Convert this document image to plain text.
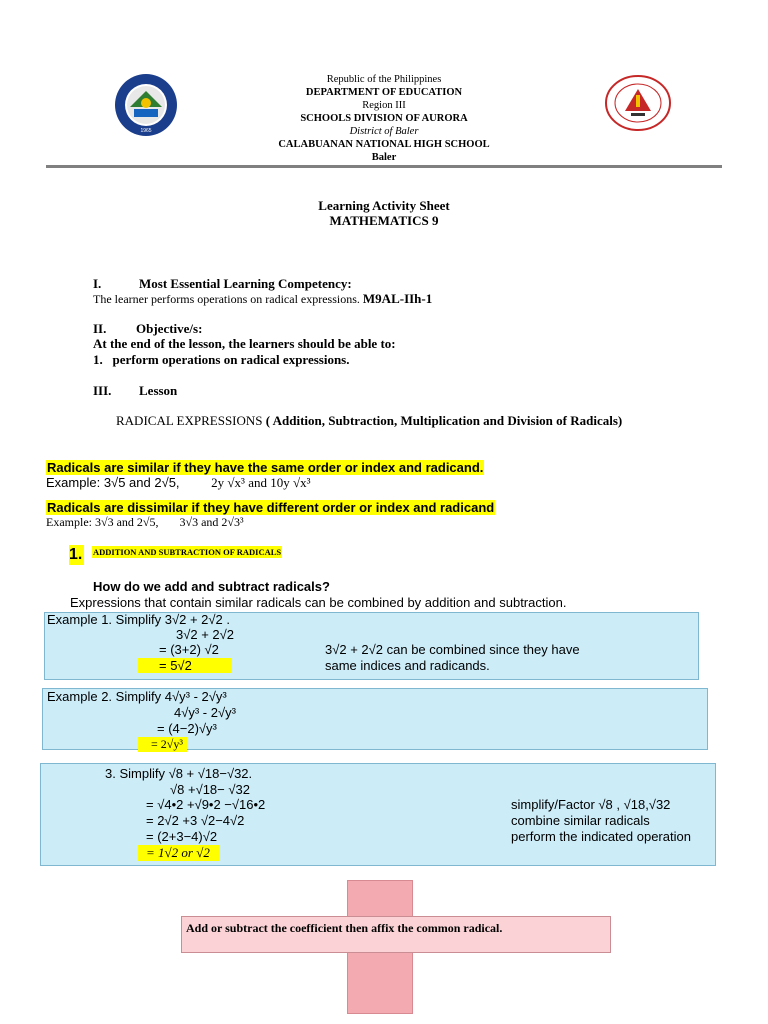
1965
Republic of the Philippines
DEPARTMENT OF EDUCATION
Region III
SCHOOLS DIVISION OF AURORA
District of Baler
CALABUANAN NATIONAL HIGH SCHOOL
Baler
Learning Activity Sheet
MATHEMATICS 9
I.	Most Essential Learning Competency:
The learner performs operations on radical expressions. M9AL-IIh-1
II. Objective/s:
At the end of the lesson, the learners should be able to:
1.   perform operations on radical expressions.
III. Lesson
RADICAL EXPRESSIONS ( Addition, Subtraction, Multiplication and Division of Radicals)
Radicals are similar if they have the same order or index and radicand.
Example: 3√5 and 2√5, 2y √x³ and 10y √x³
Radicals are dissimilar if they have different order or index and radicand
Example: 3√3 and 2√5, 3√3 and 2√3³
1. ADDITION AND SUBTRACTION OF RADICALS
How do we add and subtract radicals?
Expressions that contain similar radicals can be combined by addition and subtraction.
Example 1. Simplify 3√2 + 2√2 .
3√2 + 2√2
= (3+2) √2
= 5√2
3√2 + 2√2 can be combined since they have
same indices and radicands.
Example 2. Simplify 4√y³ - 2√y³
4√y³ - 2√y³
= (4−2)√y³
= 2√y³
3. Simplify √8 + √18−√32.
√8 +√18− √32
= √4•2 +√9•2 −√16•2
= 2√2 +3 √2−4√2
= (2+3−4)√2
= 1√2 or √2
simplify/Factor √8 , √18,√32
combine similar radicals
perform the indicated operation
Add or subtract the coefficient then affix the common radical.
